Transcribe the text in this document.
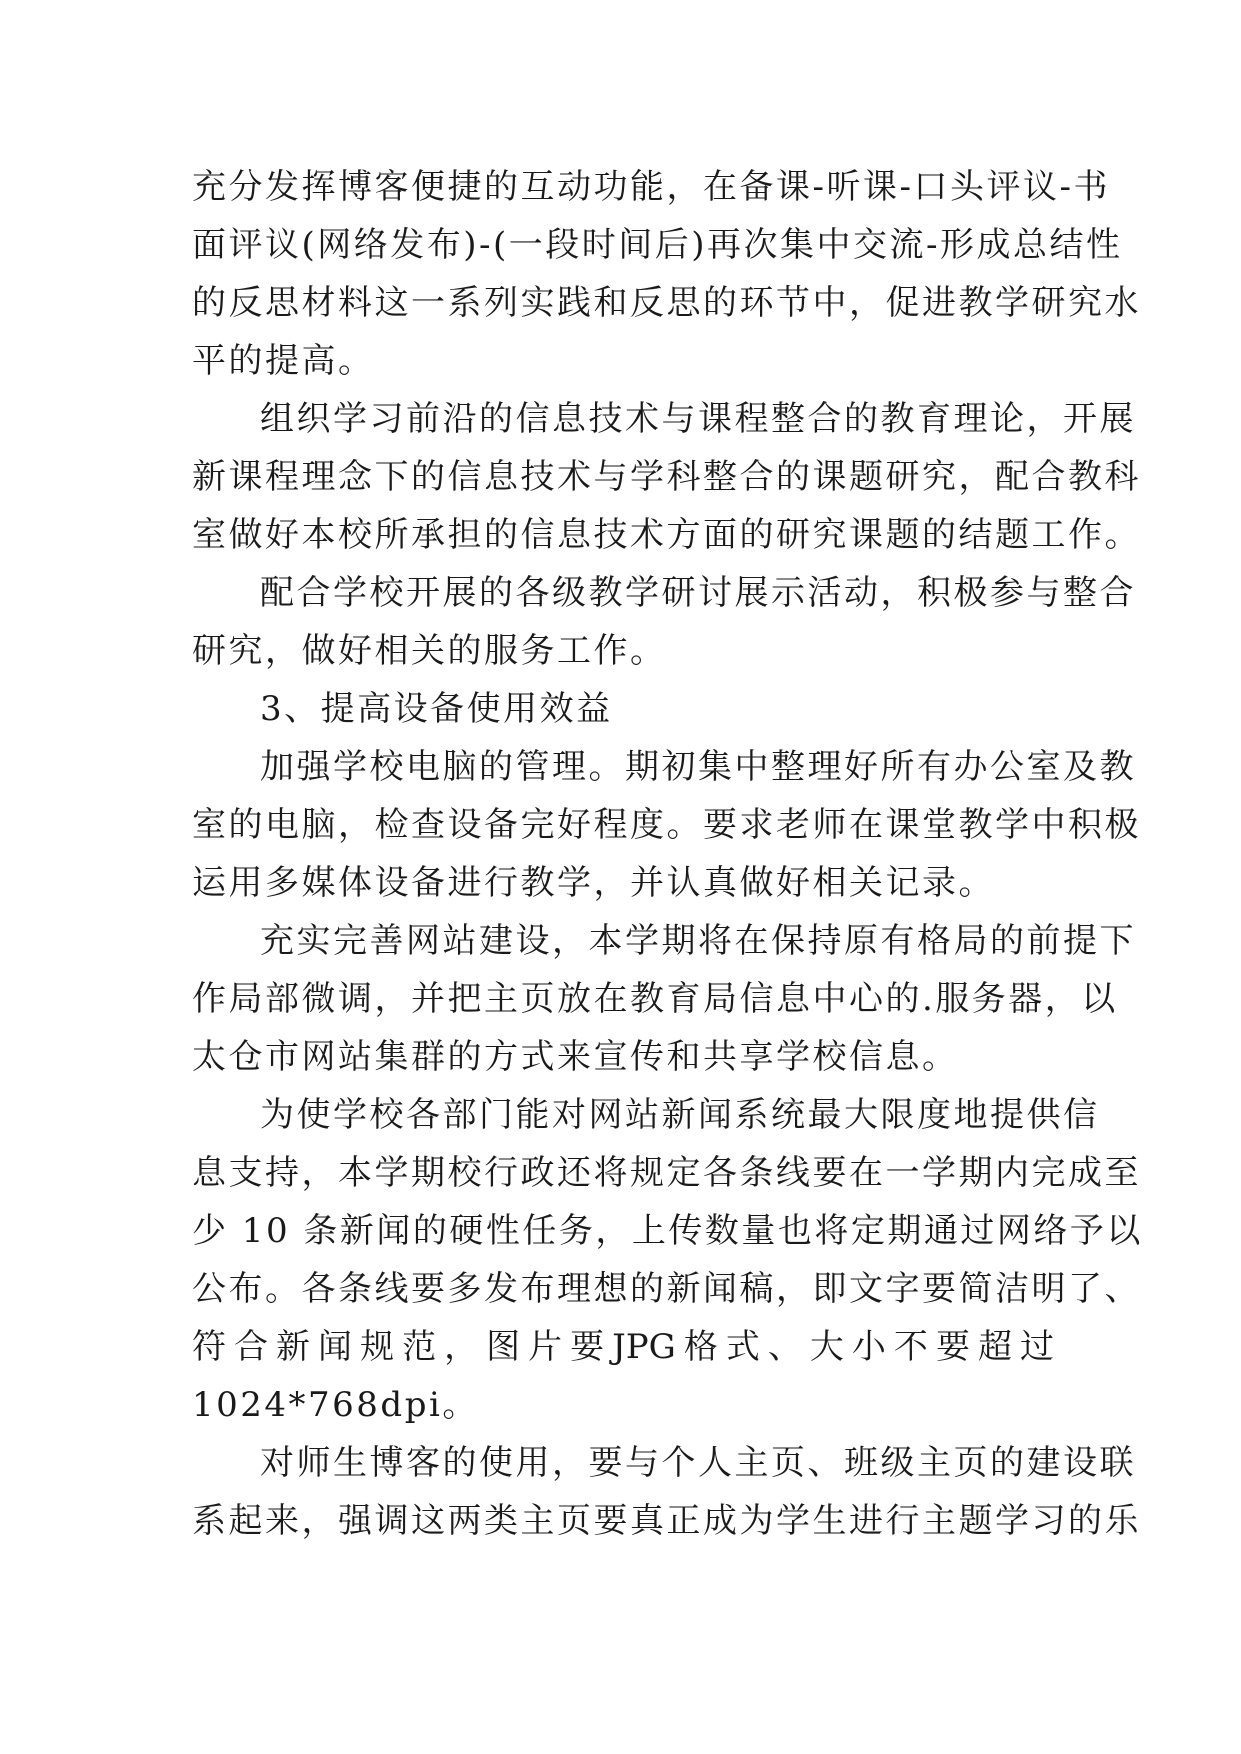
充分发挥博客便捷的互动功能，在备课-听课-口头评议-书
面评议(网络发布)-(一段时间后)再次集中交流-形成总结性
的反思材料这一系列实践和反思的环节中，促进教学研究水
平的提高。
组织学习前沿的信息技术与课程整合的教育理论，开展
新课程理念下的信息技术与学科整合的课题研究，配合教科
室做好本校所承担的信息技术方面的研究课题的结题工作。
配合学校开展的各级教学研讨展示活动，积极参与整合
研究，做好相关的服务工作。
3、提高设备使用效益
加强学校电脑的管理。期初集中整理好所有办公室及教
室的电脑，检查设备完好程度。要求老师在课堂教学中积极
运用多媒体设备进行教学，并认真做好相关记录。
充实完善网站建设，本学期将在保持原有格局的前提下
作局部微调，并把主页放在教育局信息中心的.服务器，以
太仓市网站集群的方式来宣传和共享学校信息。
为使学校各部门能对网站新闻系统最大限度地提供信
息支持，本学期校行政还将规定各条线要在一学期内完成至
少 10 条新闻的硬性任务，上传数量也将定期通过网络予以
公布。各条线要多发布理想的新闻稿，即文字要简洁明了、
符 合 新 闻 规 范 ， 图 片 要 JPG 格 式 、 大 小 不 要 超 过
1024*768dpi。
对师生博客的使用，要与个人主页、班级主页的建设联
系起来，强调这两类主页要真正成为学生进行主题学习的乐
